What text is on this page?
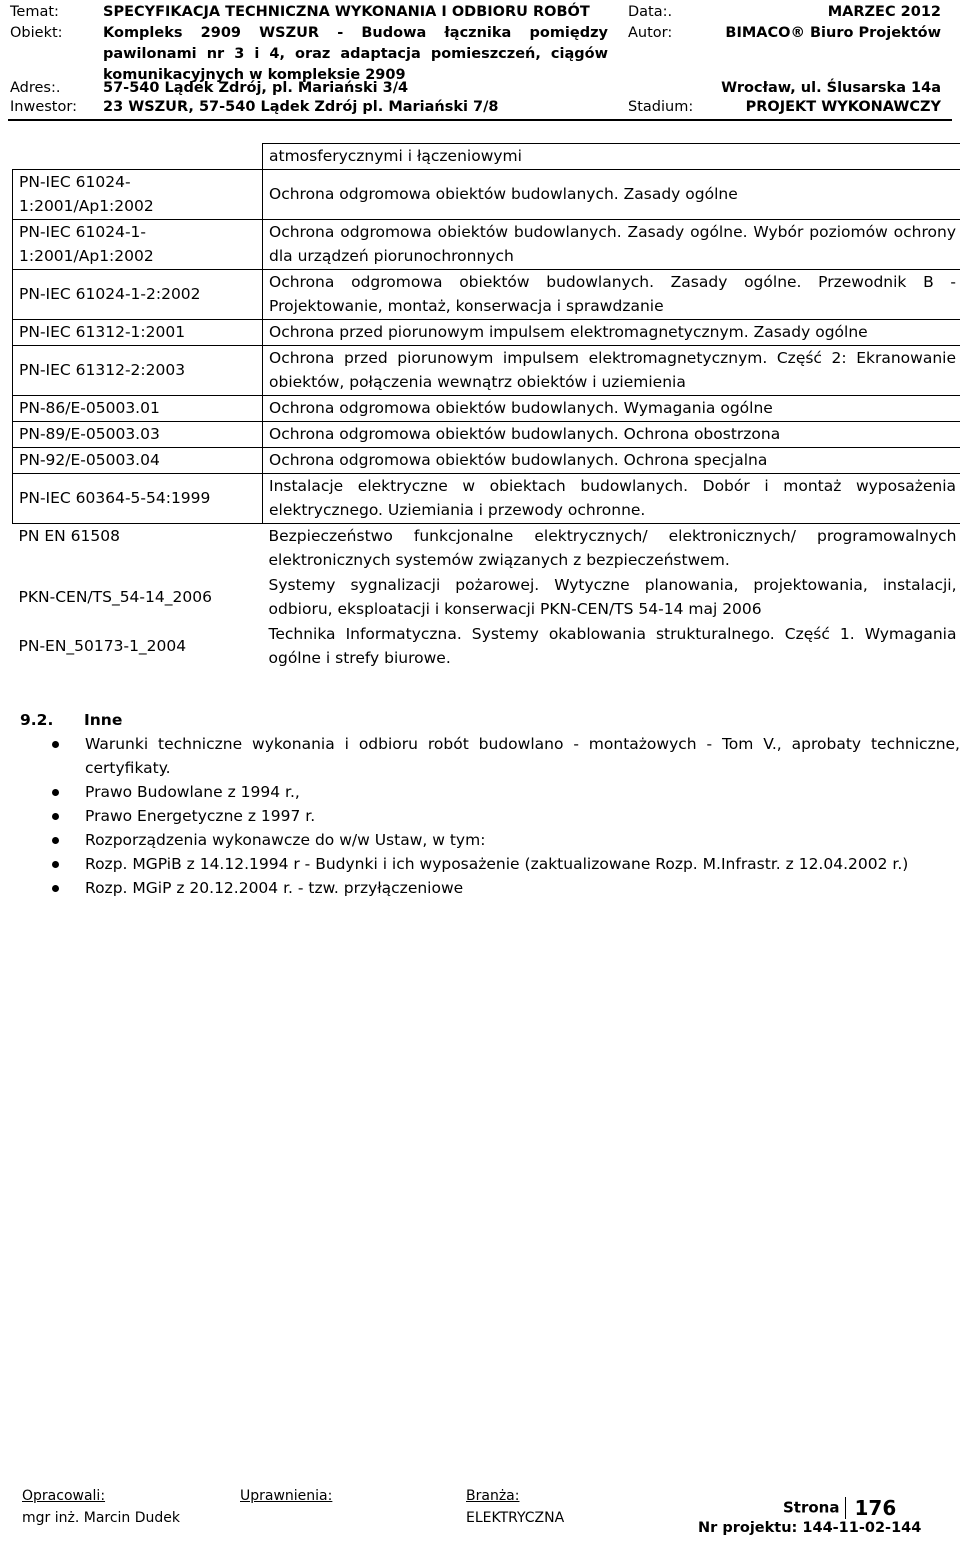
Temat:	SPECYFIKACJA TECHNICZNA WYKONANIA I ODBIORU ROBÓT
Obiekt:	Kompleks 2909 WSZUR - Budowa łącznika pomiędzy
pawilonami nr 3 i 4, oraz adaptacja pomieszczeń, ciągów
komunikacyjnych w kompleksie 2909
Adres:.	57-540 Lądek Zdrój, pl. Mariański 3/4
Inwestor:	23 WSZUR, 57-540 Lądek Zdrój pl. Mariański 7/8
Data:.	MARZEC 2012
Autor:	BIMACO® Biuro Projektów
Wrocław, ul. Ślusarska 14a
Stadium:	PROJEKT WYKONAWCZY
	atmosferycznymi i łączeniowymi
PN-IEC 61024-1:2001/Ap1:2002	Ochrona odgromowa obiektów budowlanych. Zasady ogólne
PN-IEC 61024-1-1:2001/Ap1:2002	Ochrona odgromowa obiektów budowlanych. Zasady ogólne. Wybór poziomów ochrony dla urządzeń piorunochronnych
PN-IEC 61024-1-2:2002	Ochrona odgromowa obiektów budowlanych. Zasady ogólne. Przewodnik B - Projektowanie, montaż, konserwacja i sprawdzanie
PN-IEC 61312-1:2001	Ochrona przed piorunowym impulsem elektromagnetycznym. Zasady ogólne
PN-IEC 61312-2:2003	Ochrona przed piorunowym impulsem elektromagnetycznym. Część 2: Ekranowanie obiektów, połączenia wewnątrz obiektów i uziemienia
PN-86/E-05003.01	Ochrona odgromowa obiektów budowlanych. Wymagania ogólne
PN-89/E-05003.03	Ochrona odgromowa obiektów budowlanych. Ochrona obostrzona
PN-92/E-05003.04	Ochrona odgromowa obiektów budowlanych. Ochrona specjalna
PN-IEC 60364-5-54:1999	Instalacje elektryczne w obiektach budowlanych. Dobór i montaż wyposażenia elektrycznego. Uziemiania i przewody ochronne.
PN EN 61508	Bezpieczeństwo funkcjonalne elektrycznych/ elektronicznych/ programowalnych elektronicznych systemów związanych z bezpieczeństwem.
PKN-CEN/TS_54-14_2006	Systemy sygnalizacji pożarowej. Wytyczne planowania, projektowania, instalacji, odbioru, eksploatacji i konserwacji PKN-CEN/TS 54-14 maj 2006
PN-EN_50173-1_2004	Technika Informatyczna. Systemy okablowania strukturalnego. Część 1. Wymagania ogólne i strefy biurowe.
9.2. Inne
Warunki techniczne wykonania i odbioru robót budowlano - montażowych - Tom V., aprobaty techniczne, certyfikaty.
Prawo Budowlane z 1994 r.,
Prawo Energetyczne z 1997 r.
Rozporządzenia wykonawcze do w/w Ustaw, w tym:
Rozp. MGPiB z 14.12.1994 r - Budynki i ich wyposażenie (zaktualizowane Rozp. M.Infrastr. z 12.04.2002 r.)
Rozp. MGiP z 20.12.2004 r. - tzw. przyłączeniowe
Opracowali:
mgr inż. Marcin Dudek
Uprawnienia:	Branża:
ELEKTRYCZNA
Strona 176
Nr projektu: 144-11-02-144
